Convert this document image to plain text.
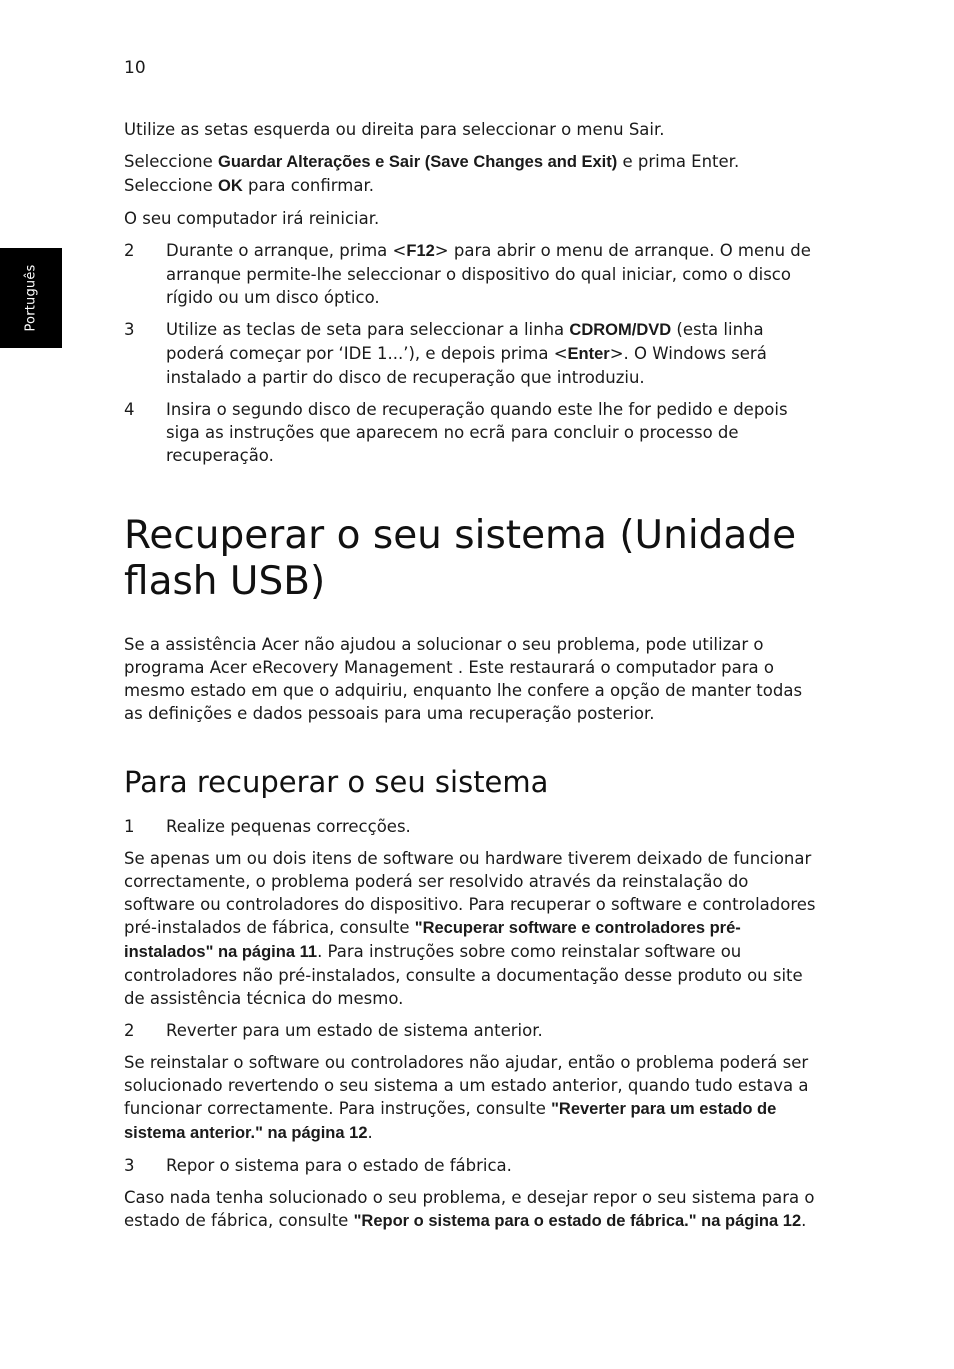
10
Português

Utilize as setas esquerda ou direita para seleccionar o menu Sair.

Seleccione Guardar Alterações e Sair (Save Changes and Exit) e prima Enter. Seleccione OK para confirmar.

O seu computador irá reiniciar.

2	Durante o arranque, prima <F12> para abrir o menu de arranque. O menu de arranque permite-lhe seleccionar o dispositivo do qual iniciar, como o disco rígido ou um disco óptico.
3	Utilize as teclas de seta para seleccionar a linha CDROM/DVD (esta linha poderá começar por ‘IDE 1...’), e depois prima <Enter>. O Windows será instalado a partir do disco de recuperação que introduziu.
4	Insira o segundo disco de recuperação quando este lhe for pedido e depois siga as instruções que aparecem no ecrã para concluir o processo de recuperação.
Recuperar o seu sistema (Unidade flash USB)

Se a assistência Acer não ajudou a solucionar o seu problema, pode utilizar o programa Acer eRecovery Management . Este restaurará o computador para o mesmo estado em que o adquiriu, enquanto lhe confere a opção de manter todas as definições e dados pessoais para uma recuperação posterior.

Para recuperar o seu sistema
1	Realize pequenas correcções.

Se apenas um ou dois itens de software ou hardware tiverem deixado de funcionar correctamente, o problema poderá ser resolvido através da reinstalação do software ou controladores do dispositivo. Para recuperar o software e controladores pré-instalados de fábrica, consulte "Recuperar software e controladores pré-instalados" na página 11. Para instruções sobre como reinstalar software ou controladores não pré-instalados, consulte a documentação desse produto ou site de assistência técnica do mesmo.

2	Reverter para um estado de sistema anterior.

Se reinstalar o software ou controladores não ajudar, então o problema poderá ser solucionado revertendo o seu sistema a um estado anterior, quando tudo estava a funcionar correctamente. Para instruções, consulte "Reverter para um estado de sistema anterior." na página 12.

3	Repor o sistema para o estado de fábrica.

Caso nada tenha solucionado o seu problema, e desejar repor o seu sistema para o estado de fábrica, consulte "Repor o sistema para o estado de fábrica." na página 12.
